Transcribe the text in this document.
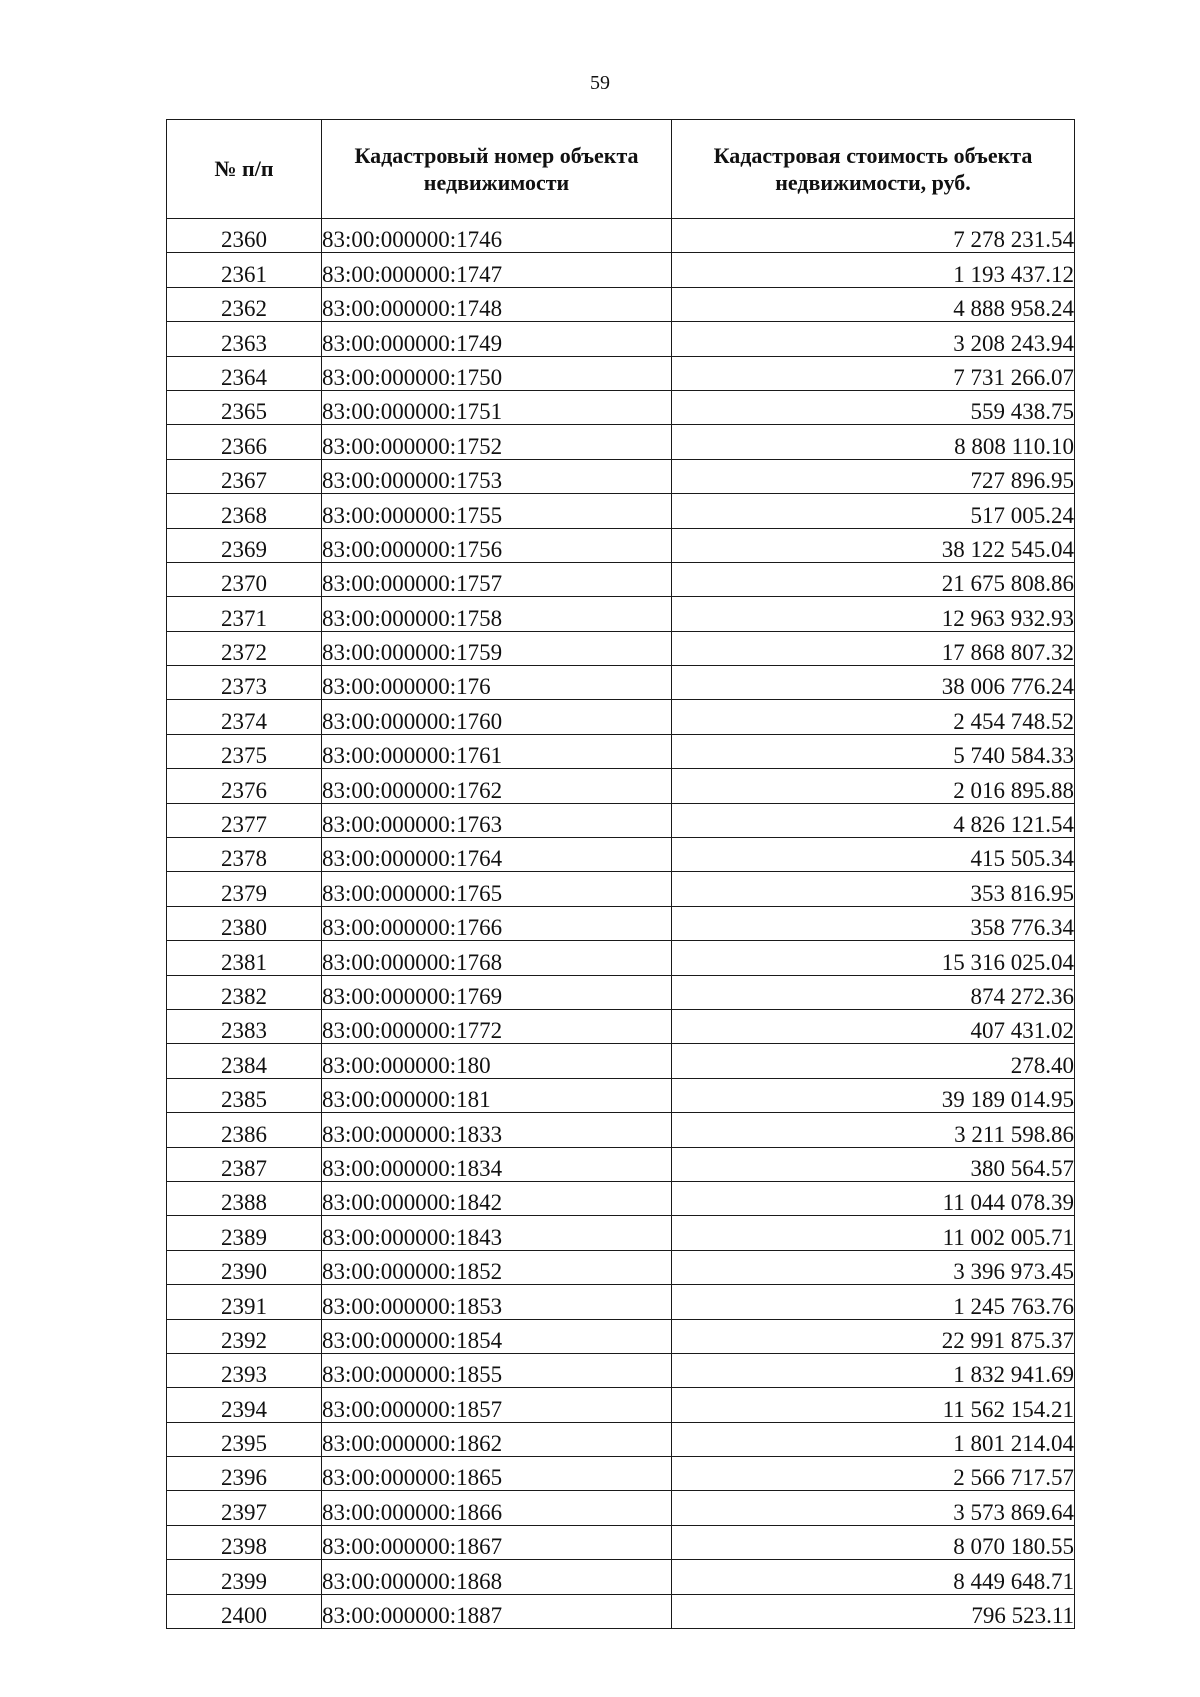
59
№ п/п	Кадастровый номер объекта недвижимости	Кадастровая стоимость объекта недвижимости, руб.
2360	83:00:000000:1746	7 278 231.54
2361	83:00:000000:1747	1 193 437.12
2362	83:00:000000:1748	4 888 958.24
2363	83:00:000000:1749	3 208 243.94
2364	83:00:000000:1750	7 731 266.07
2365	83:00:000000:1751	559 438.75
2366	83:00:000000:1752	8 808 110.10
2367	83:00:000000:1753	727 896.95
2368	83:00:000000:1755	517 005.24
2369	83:00:000000:1756	38 122 545.04
2370	83:00:000000:1757	21 675 808.86
2371	83:00:000000:1758	12 963 932.93
2372	83:00:000000:1759	17 868 807.32
2373	83:00:000000:176	38 006 776.24
2374	83:00:000000:1760	2 454 748.52
2375	83:00:000000:1761	5 740 584.33
2376	83:00:000000:1762	2 016 895.88
2377	83:00:000000:1763	4 826 121.54
2378	83:00:000000:1764	415 505.34
2379	83:00:000000:1765	353 816.95
2380	83:00:000000:1766	358 776.34
2381	83:00:000000:1768	15 316 025.04
2382	83:00:000000:1769	874 272.36
2383	83:00:000000:1772	407 431.02
2384	83:00:000000:180	278.40
2385	83:00:000000:181	39 189 014.95
2386	83:00:000000:1833	3 211 598.86
2387	83:00:000000:1834	380 564.57
2388	83:00:000000:1842	11 044 078.39
2389	83:00:000000:1843	11 002 005.71
2390	83:00:000000:1852	3 396 973.45
2391	83:00:000000:1853	1 245 763.76
2392	83:00:000000:1854	22 991 875.37
2393	83:00:000000:1855	1 832 941.69
2394	83:00:000000:1857	11 562 154.21
2395	83:00:000000:1862	1 801 214.04
2396	83:00:000000:1865	2 566 717.57
2397	83:00:000000:1866	3 573 869.64
2398	83:00:000000:1867	8 070 180.55
2399	83:00:000000:1868	8 449 648.71
2400	83:00:000000:1887	796 523.11
